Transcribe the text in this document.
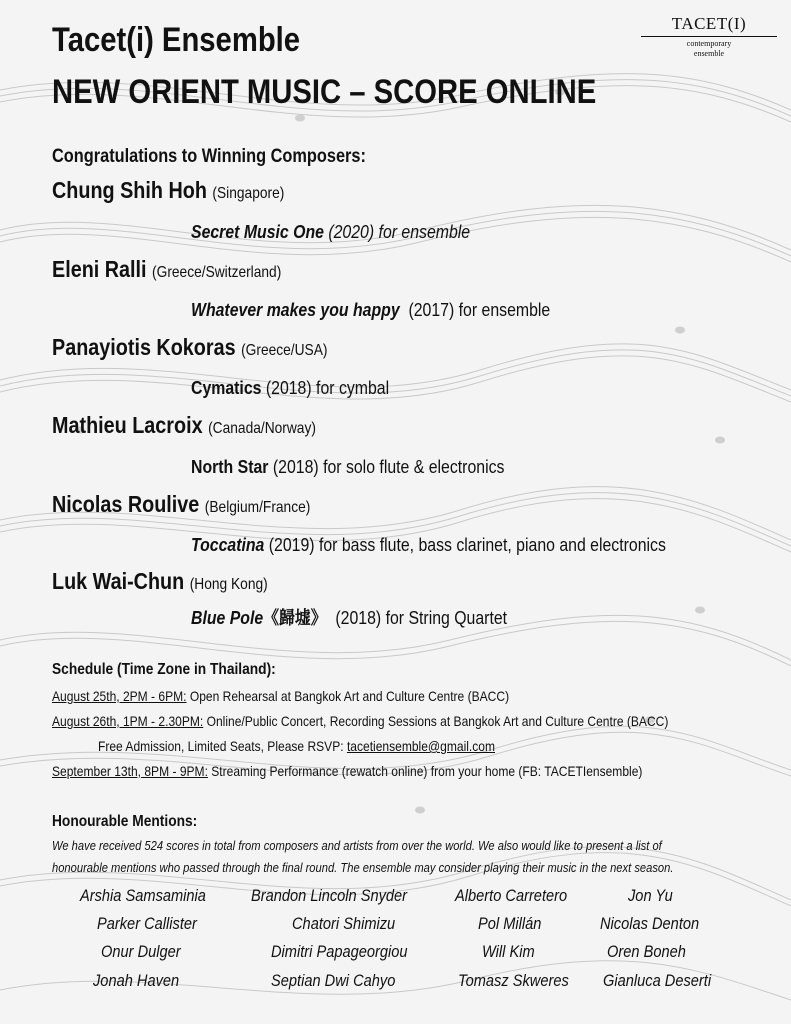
Tacet(i) Ensemble
NEW ORIENT MUSIC – SCORE ONLINE
TACET(I)
contemporary
ensemble
Congratulations to Winning Composers:
Chung Shih Hoh (Singapore)
Secret Music One (2020) for ensemble
Eleni Ralli (Greece/Switzerland)
Whatever makes you happy (2017) for ensemble
Panayiotis Kokoras (Greece/USA)
Cymatics (2018) for cymbal
Mathieu Lacroix (Canada/Norway)
North Star (2018) for solo flute & electronics
Nicolas Roulive (Belgium/France)
Toccatina (2019) for bass flute, bass clarinet, piano and electronics
Luk Wai-Chun (Hong Kong)
Blue Pole《歸墟》 (2018) for String Quartet
Schedule (Time Zone in Thailand):
August 25th, 2PM - 6PM: Open Rehearsal at Bangkok Art and Culture Centre (BACC)
August 26th, 1PM - 2.30PM: Online/Public Concert, Recording Sessions at Bangkok Art and Culture Centre (BACC)
Free Admission, Limited Seats, Please RSVP: tacetiensemble@gmail.com
September 13th, 8PM - 9PM: Streaming Performance (rewatch online) from your home (FB: TACETIensemble)
Honourable Mentions:
We have received 524 scores in total from composers and artists from over the world. We also would like to present a list of
honourable mentions who passed through the final round. The ensemble may consider playing their music in the next season.
Arshia Samsaminia
Parker Callister
Onur Dulger
Jonah Haven
Brandon Lincoln Snyder
Chatori Shimizu
Dimitri Papageorgiou
Septian Dwi Cahyo
Alberto Carretero
Pol Millán
Will Kim
Tomasz Skweres
Jon Yu
Nicolas Denton
Oren Boneh
Gianluca Deserti
